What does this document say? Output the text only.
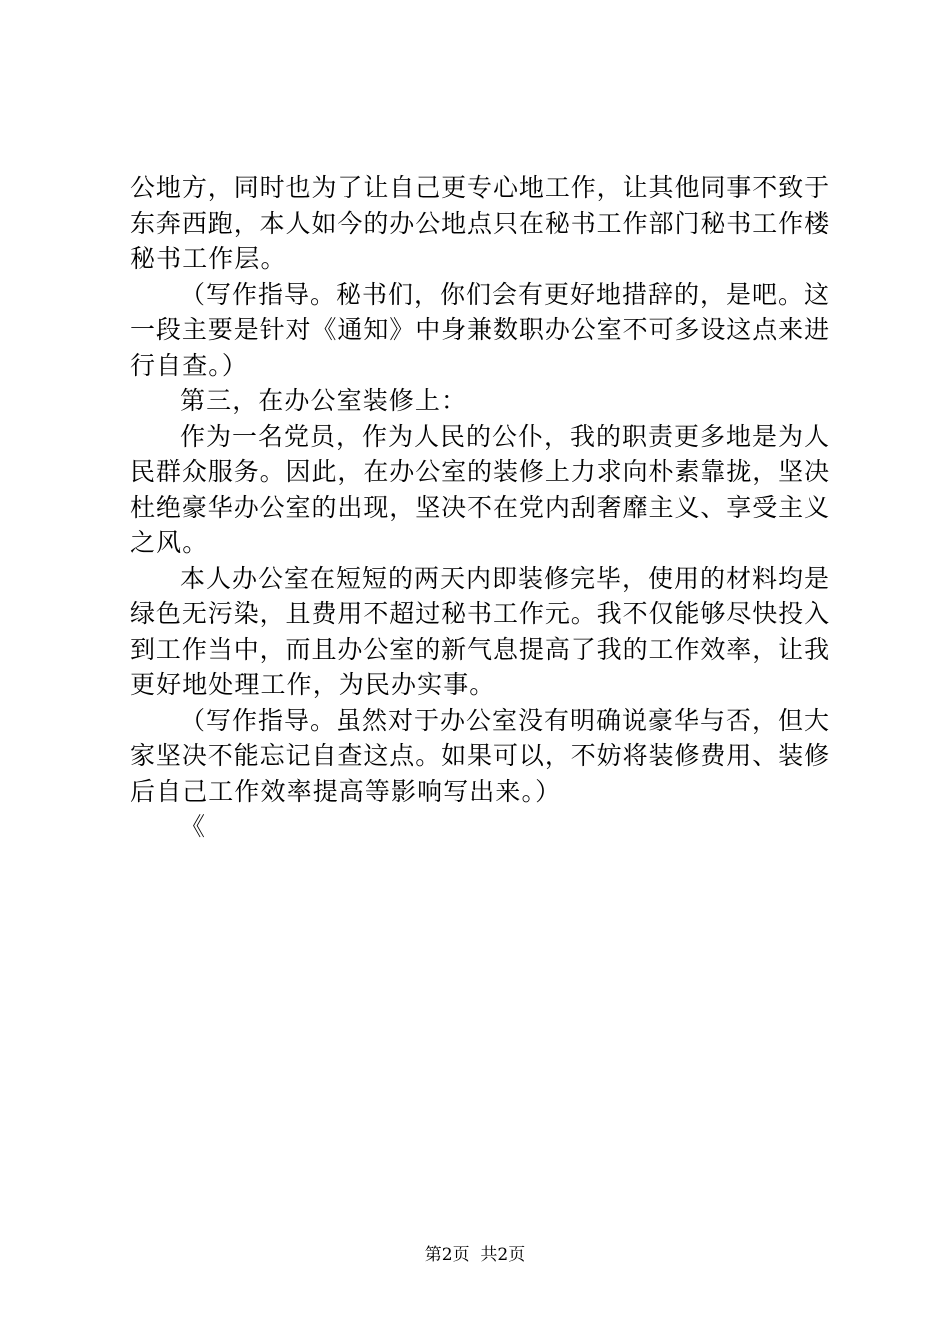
公地方，同时也为了让自己更专心地工作，让其他同事不致于
东奔西跑，本人如今的办公地点只在秘书工作部门秘书工作楼
秘书工作层。
（写作指导。秘书们，你们会有更好地措辞的，是吧。这
一段主要是针对《通知》中身兼数职办公室不可多设这点来进
行自查。）
第三，在办公室装修上：
作为一名党员，作为人民的公仆，我的职责更多地是为人
民群众服务。因此，在办公室的装修上力求向朴素靠拢，坚决
杜绝豪华办公室的出现，坚决不在党内刮奢靡主义、享受主义
之风。
本人办公室在短短的两天内即装修完毕，使用的材料均是
绿色无污染，且费用不超过秘书工作元。我不仅能够尽快投入
到工作当中，而且办公室的新气息提高了我的工作效率，让我
更好地处理工作，为民办实事。
（写作指导。虽然对于办公室没有明确说豪华与否，但大
家坚决不能忘记自查这点。如果可以，不妨将装修费用、装修
后自己工作效率提高等影响写出来。）
《
第2页  共2页
